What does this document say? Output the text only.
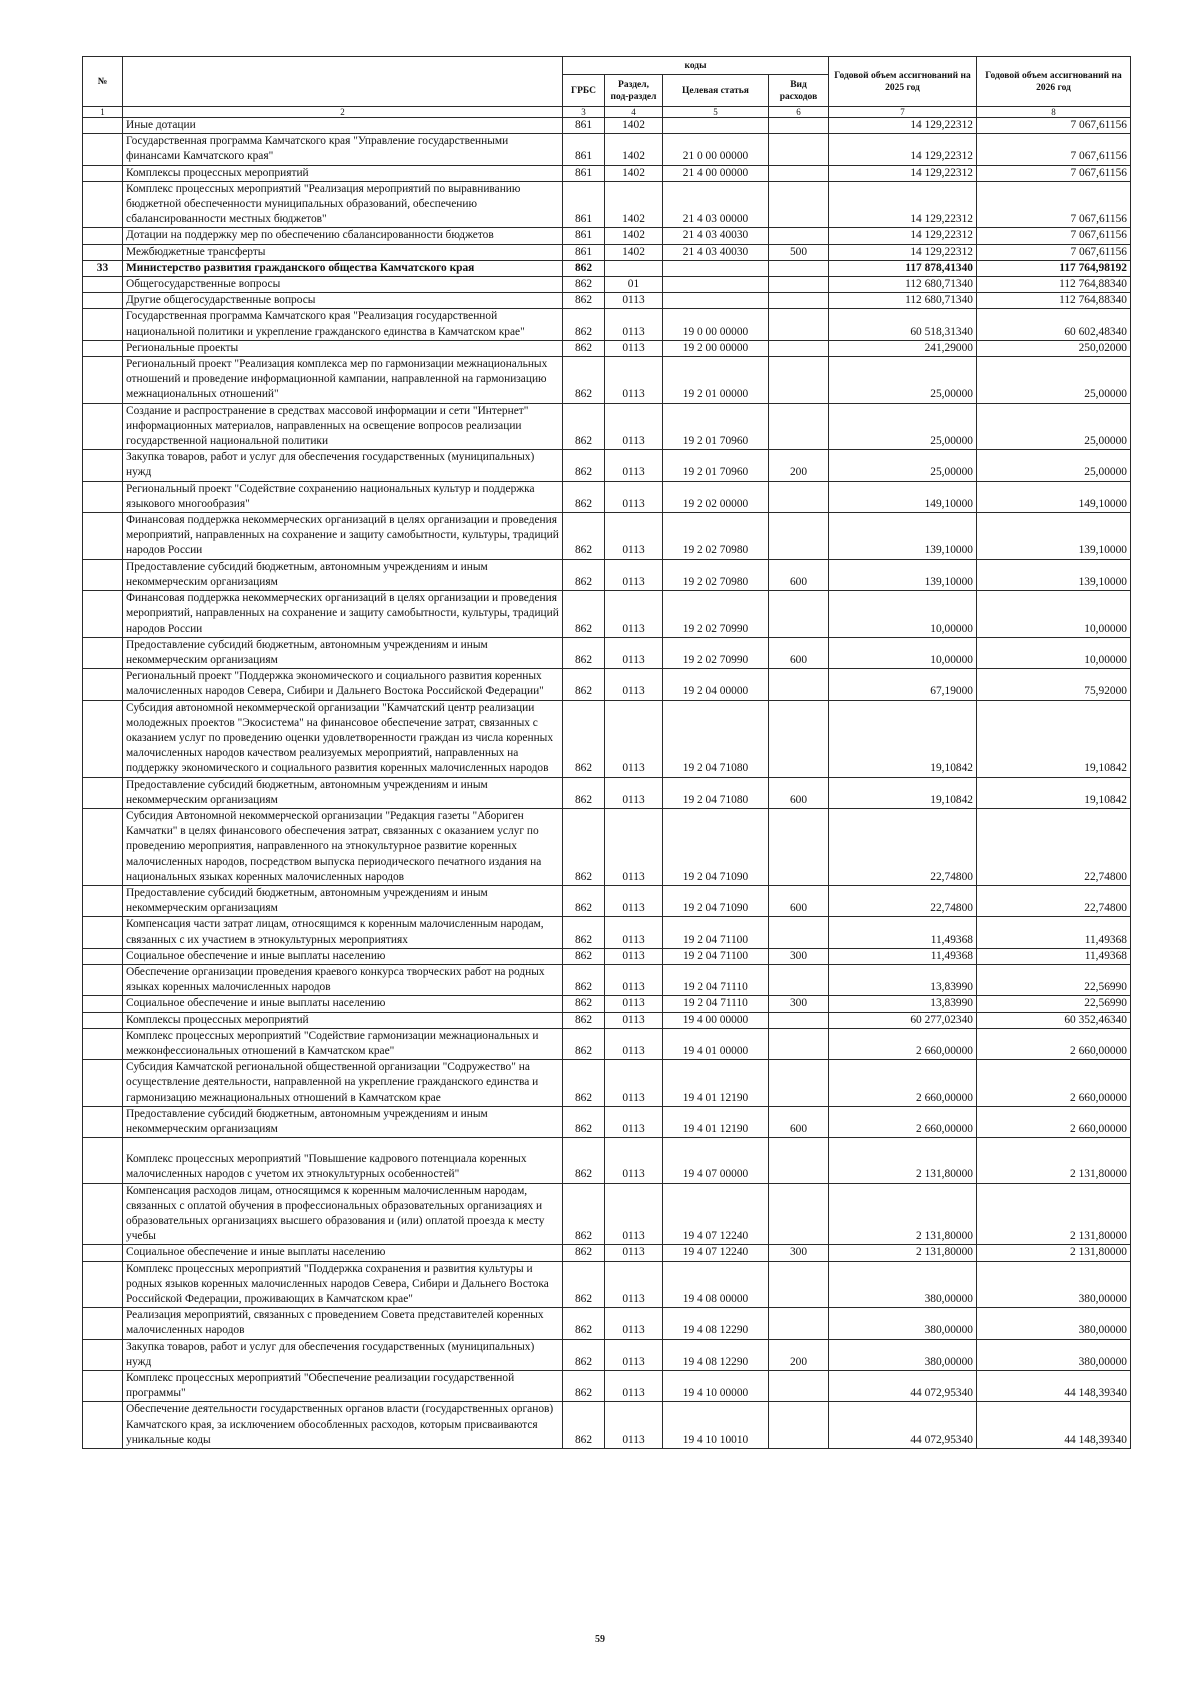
№		коды				Годовой объем ассигнований на 2025 год	Годовой объем ассигнований на 2026 год
		ГРБС	Раздел, под-раздел	Целевая статья	Вид расходов		
1	2	3	4	5	6	7	8

	Иные дотации	861	1402			14 129,22312	7 067,61156

	Государственная программа Камчатского края "Управление государственными финансами Камчатского края"	861	1402	21 0 00 00000		14 129,22312	7 067,61156

	Комплексы процессных мероприятий	861	1402	21 4 00 00000		14 129,22312	7 067,61156

	Комплекс процессных мероприятий "Реализация мероприятий по выравниванию бюджетной обеспеченности муниципальных образований, обеспечению сбалансированности местных бюджетов"	861	1402	21 4 03 00000		14 129,22312	7 067,61156

	Дотации на поддержку мер по обеспечению сбалансированности бюджетов	861	1402	21 4 03 40030		14 129,22312	7 067,61156

	Межбюджетные трансферты	861	1402	21 4 03 40030	500	14 129,22312	7 067,61156
33	Министерство развития гражданского общества Камчатского края	862				117 878,41340	117 764,98192

	Общегосударственные вопросы	862	01			112 680,71340	112 764,88340

	Другие общегосударственные вопросы	862	0113			112 680,71340	112 764,88340

	Государственная программа Камчатского края "Реализация государственной национальной политики и укрепление гражданского единства в Камчатском крае"	862	0113	19 0 00 00000		60 518,31340	60 602,48340

	Региональные проекты	862	0113	19 2 00 00000		241,29000	250,02000

	Региональный проект "Реализация комплекса мер по гармонизации межнациональных отношений и проведение информационной кампании, направленной на гармонизацию межнациональных отношений"	862	0113	19 2 01 00000		25,00000	25,00000

	Создание и распространение в средствах массовой информации и сети "Интернет" информационных материалов, направленных на освещение вопросов реализации государственной национальной политики	862	0113	19 2 01 70960		25,00000	25,00000

	Закупка товаров, работ и услуг для обеспечения государственных (муниципальных) нужд	862	0113	19 2 01 70960	200	25,00000	25,00000

	Региональный проект "Содействие сохранению национальных культур и поддержка языкового многообразия"	862	0113	19 2 02 00000		149,10000	149,10000

	Финансовая поддержка некоммерческих организаций в целях организации и проведения мероприятий, направленных на сохранение и защиту самобытности, культуры, традиций народов России	862	0113	19 2 02 70980		139,10000	139,10000

	Предоставление субсидий бюджетным, автономным учреждениям и иным некоммерческим организациям	862	0113	19 2 02 70980	600	139,10000	139,10000

	Финансовая поддержка некоммерческих организаций в целях организации и проведения мероприятий, направленных на сохранение и защиту самобытности, культуры, традиций народов России	862	0113	19 2 02 70990		10,00000	10,00000

	Предоставление субсидий бюджетным, автономным учреждениям и иным некоммерческим организациям	862	0113	19 2 02 70990	600	10,00000	10,00000

	Региональный проект "Поддержка экономического и социального развития коренных малочисленных народов Севера, Сибири и Дальнего Востока Российской Федерации"	862	0113	19 2 04 00000		67,19000	75,92000

	Субсидия автономной некоммерческой организации "Камчатский центр реализации молодежных проектов "Экосистема" на финансовое обеспечение затрат, связанных с оказанием услуг по проведению оценки удовлетворенности граждан из числа коренных малочисленных народов качеством реализуемых мероприятий, направленных на поддержку экономического и социального развития коренных малочисленных народов	862	0113	19 2 04 71080		19,10842	19,10842

	Предоставление субсидий бюджетным, автономным учреждениям и иным некоммерческим организациям	862	0113	19 2 04 71080	600	19,10842	19,10842

	Субсидия Автономной некоммерческой организации "Редакция газеты "Абориген Камчатки" в целях финансового обеспечения затрат, связанных с оказанием услуг по проведению мероприятия, направленного на этнокультурное развитие коренных малочисленных народов, посредством выпуска периодического печатного издания на национальных языках коренных малочисленных народов	862	0113	19 2 04 71090		22,74800	22,74800

	Предоставление субсидий бюджетным, автономным учреждениям и иным некоммерческим организациям	862	0113	19 2 04 71090	600	22,74800	22,74800

	Компенсация части затрат лицам, относящимся к коренным малочисленным народам, связанных с их участием в этнокультурных мероприятиях	862	0113	19 2 04 71100		11,49368	11,49368

	Социальное обеспечение и иные выплаты населению	862	0113	19 2 04 71100	300	11,49368	11,49368

	Обеспечение организации проведения краевого конкурса творческих работ на родных языках коренных малочисленных народов	862	0113	19 2 04 71110		13,83990	22,56990

	Социальное обеспечение и иные выплаты населению	862	0113	19 2 04 71110	300	13,83990	22,56990

	Комплексы процессных мероприятий	862	0113	19 4 00 00000		60 277,02340	60 352,46340

	Комплекс процессных мероприятий "Содействие гармонизации межнациональных и межконфессиональных отношений в Камчатском крае"	862	0113	19 4 01 00000		2 660,00000	2 660,00000

	Субсидия Камчатской региональной общественной организации "Содружество" на осуществление деятельности, направленной на укрепление гражданского единства и гармонизацию межнациональных отношений в Камчатском крае	862	0113	19 4 01 12190		2 660,00000	2 660,00000

	Предоставление субсидий бюджетным, автономным учреждениям и иным некоммерческим организациям	862	0113	19 4 01 12190	600	2 660,00000	2 660,00000

	Комплекс процессных мероприятий "Повышение кадрового потенциала коренных малочисленных народов с учетом их этнокультурных особенностей"	862	0113	19 4 07 00000		2 131,80000	2 131,80000

	Компенсация расходов лицам, относящимся к коренным малочисленным народам, связанных с оплатой обучения в профессиональных образовательных организациях и образовательных организациях высшего образования и (или) оплатой проезда к месту учебы	862	0113	19 4 07 12240		2 131,80000	2 131,80000

	Социальное обеспечение и иные выплаты населению	862	0113	19 4 07 12240	300	2 131,80000	2 131,80000

	Комплекс процессных мероприятий "Поддержка сохранения и развития культуры и родных языков коренных малочисленных народов Севера, Сибири и Дальнего Востока Российской Федерации, проживающих в Камчатском крае"	862	0113	19 4 08 00000		380,00000	380,00000

	Реализация мероприятий, связанных с проведением Совета представителей коренных малочисленных народов	862	0113	19 4 08 12290		380,00000	380,00000

	Закупка товаров, работ и услуг для обеспечения государственных (муниципальных) нужд	862	0113	19 4 08 12290	200	380,00000	380,00000

	Комплекс процессных мероприятий "Обеспечение реализации государственной программы"	862	0113	19 4 10 00000		44 072,95340	44 148,39340

	Обеспечение деятельности государственных органов власти (государственных органов) Камчатского края, за исключением обособленных расходов, которым присваиваются уникальные коды	862	0113	19 4 10 10010		44 072,95340	44 148,39340
59
